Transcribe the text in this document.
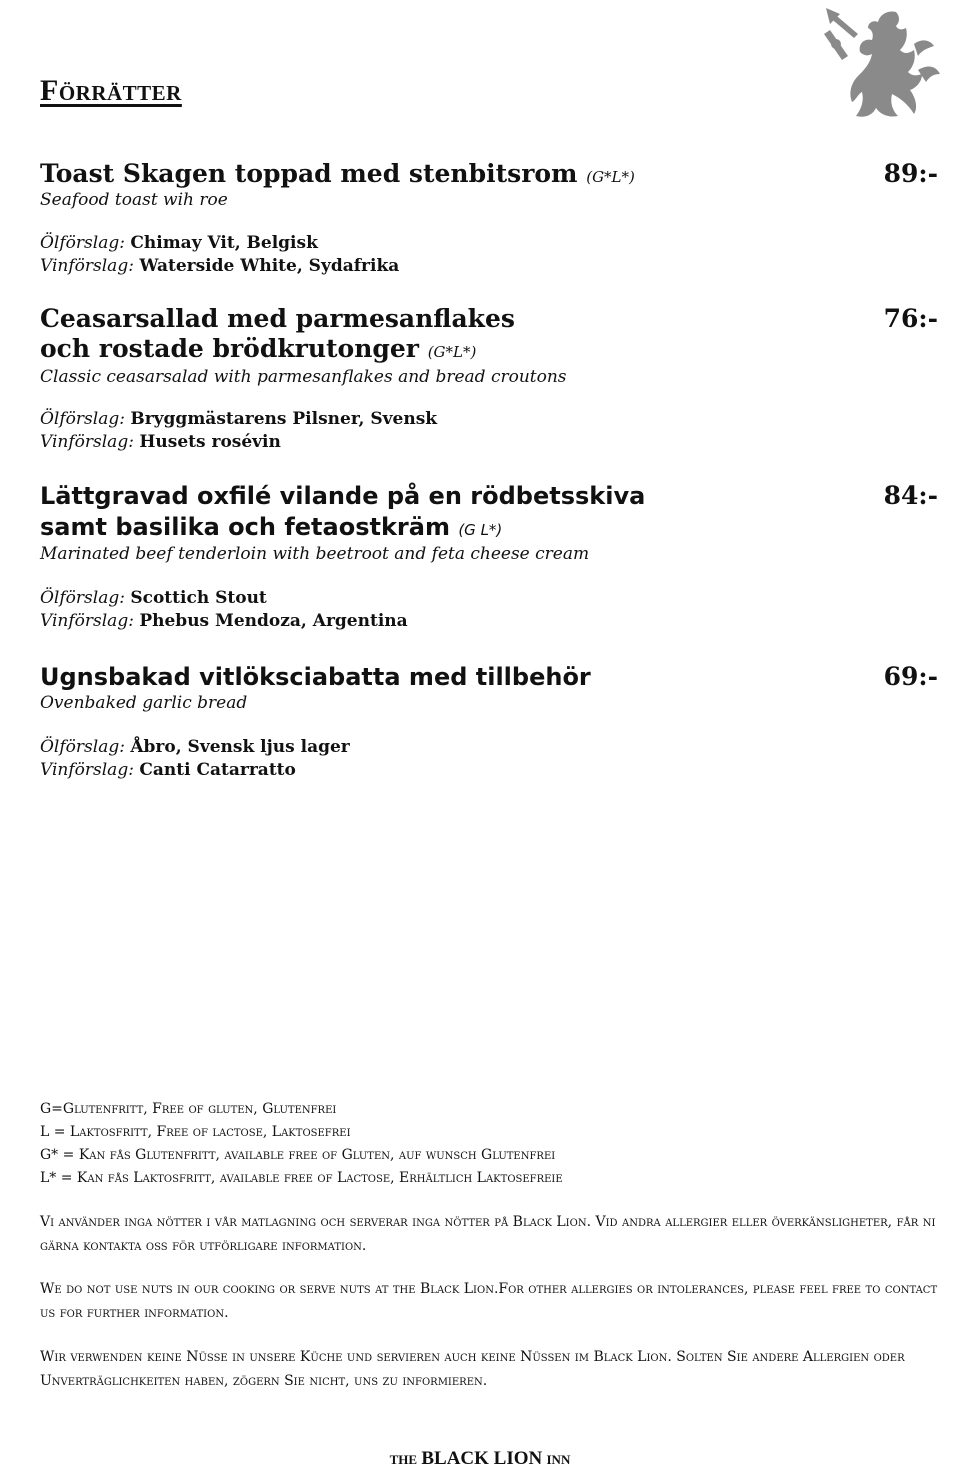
Förrätter
Toast Skagen toppad med stenbitsrom (G*L*)	89:-
Seafood toast wih roe
Ölförslag: Chimay Vit, Belgisk
Vinförslag: Waterside White, Sydafrika
Ceasarsallad med parmesanflakes	76:-
och rostade brödkrutonger (G*L*)
Classic ceasarsalad with parmesanflakes and bread croutons
Ölförslag: Bryggmästarens Pilsner, Svensk
Vinförslag: Husets rosévin
Lättgravad oxfilé vilande på en rödbetsskiva	84:-
samt basilika och fetaostkräm (G L*)
Marinated beef tenderloin with beetroot and feta cheese cream
Ölförslag: Scottich Stout
Vinförslag: Phebus Mendoza, Argentina
Ugnsbakad vitlöksciabatta med tillbehör	69:-
Ovenbaked garlic bread
Ölförslag: Åbro, Svensk ljus lager
Vinförslag: Canti Catarratto
G=Glutenfritt, Free of gluten, Glutenfrei
L = Laktosfritt, Free of lactose, Laktosefrei
G* = Kan fås Glutenfritt, available free of Gluten, auf wunsch Glutenfrei
L* = Kan fås Laktosfritt, available free of Lactose, Erhältlich Laktosefreie
Vi använder inga nötter i vår matlagning och serverar inga nötter på Black Lion. Vid andra allergier eller överkänsligheter, får ni gärna kontakta oss för utförligare information.
We do not use nuts in our cooking or serve nuts at the Black Lion.For other allergies or intolerances, please feel free to contact us for further information.
Wir verwenden keine Nüsse in unsere Küche und servieren auch keine Nüssen im Black Lion. Solten Sie andere Allergien oder Unverträglichkeiten haben, zögern Sie nicht, uns zu informieren.
THE BLACK LION INN
